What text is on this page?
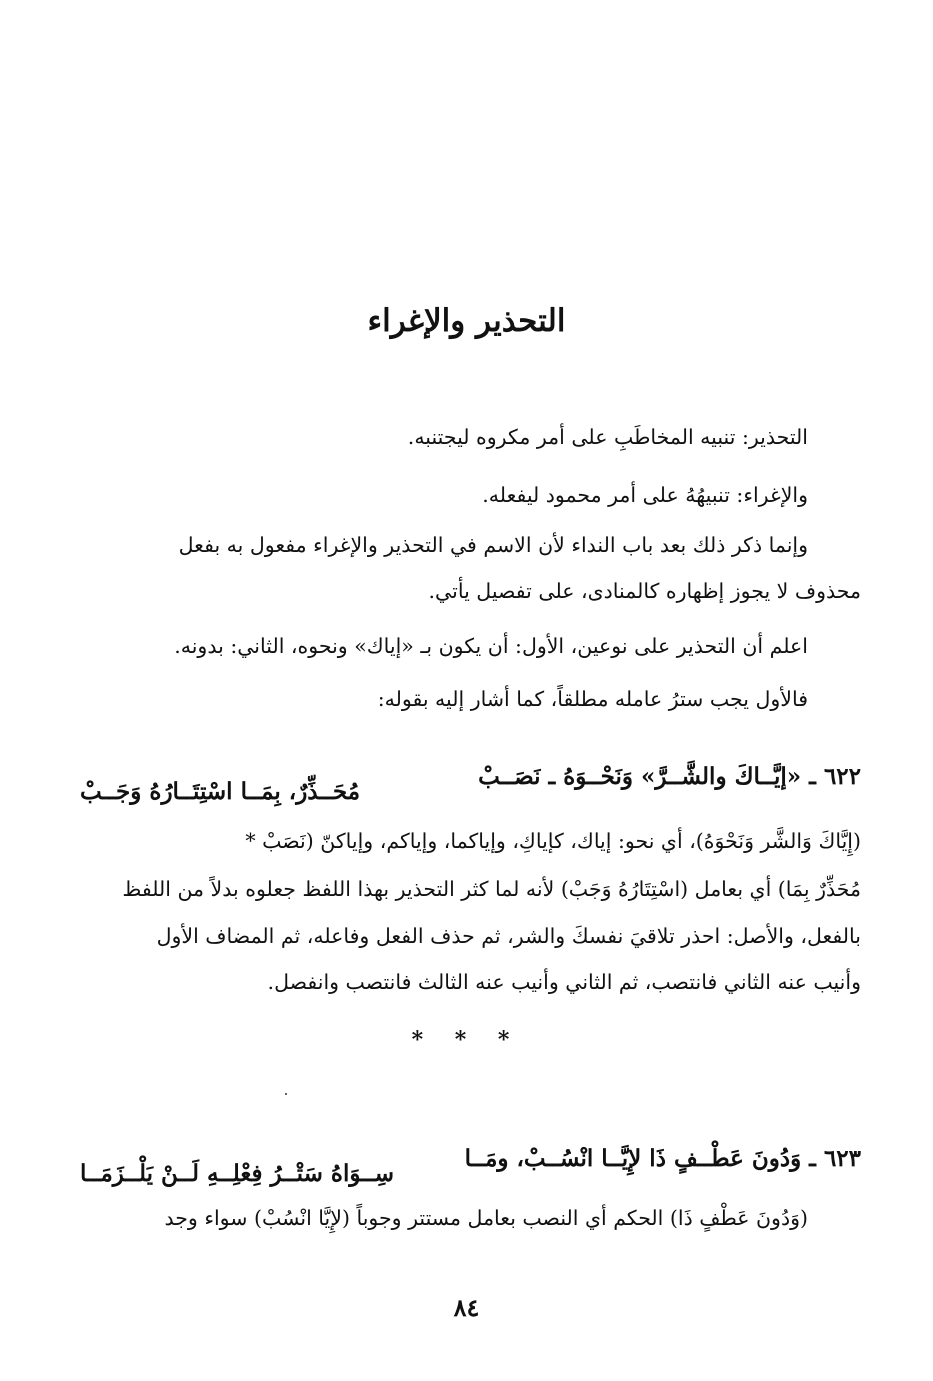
التحذير والإغراء
التحذير: تنبيه المخاطَبِ على أمر مكروه ليجتنبه.
والإغراء: تنبيهُهُ على أمر محمود ليفعله.
وإنما ذكر ذلك بعد باب النداء لأن الاسم في التحذير والإغراء مفعول به بفعل
محذوف لا يجوز إظهاره كالمنادى، على تفصيل يأتي.
اعلم أن التحذير على نوعين، الأول: أن يكون بـ «إياك» ونحوه، الثاني: بدونه.
فالأول يجب سترُ عامله مطلقاً، كما أشار إليه بقوله:
٦٢٢ ـ «إيَّــاكَ والشَّــرَّ» وَنَحْــوَهُ ـ نَصَــبْ
مُحَــذِّرٌ، بِمَــا اسْتِتَــارُهُ وَجَــبْ
(إِيَّاكَ وَالشَّر وَنَحْوَهُ)، أي نحو: إياك، كإياكِ، وإياكما، وإياكم، وإياكنّ (نَصَبْ *
مُحَذِّرٌ بِمَا) أي بعامل (اسْتِتَارُهُ وَجَبْ) لأنه لما كثر التحذير بهذا اللفظ جعلوه بدلاً من اللفظ
بالفعل، والأصل: احذر تلاقيَ نفسكَ والشر، ثم حذف الفعل وفاعله، ثم المضاف الأول
وأنيب عنه الثاني فانتصب، ثم الثاني وأنيب عنه الثالث فانتصب وانفصل.
* * *
٦٢٣ ـ وَدُونَ عَطْــفٍ ذَا لإِيَّــا انْسُــبْ، ومَــا
سِــوَاهُ سَتْــرُ فِعْلِــهِ لَــنْ يَلْــزَمَــا
(وَدُونَ عَطْفٍ ذَا) الحكم أي النصب بعامل مستتر وجوباً (لإِيَّا انْسُبْ) سواء وجد
٨٤
